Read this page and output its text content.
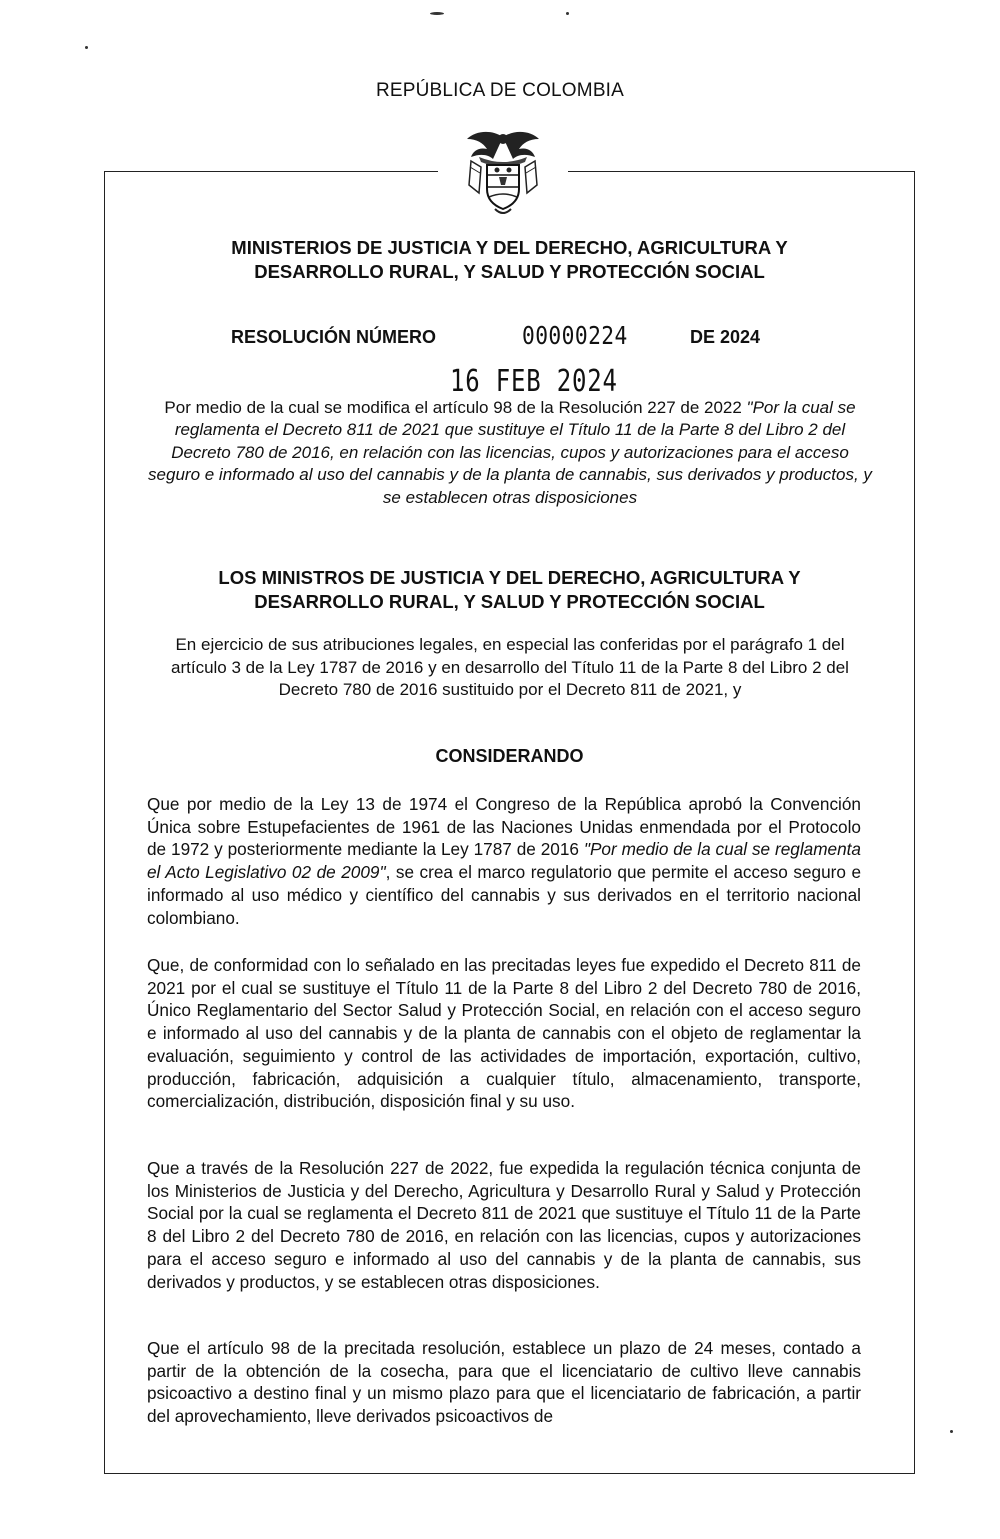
REPÚBLICA DE COLOMBIA
MINISTERIOS DE JUSTICIA Y DEL DERECHO, AGRICULTURA Y
DESARROLLO RURAL, Y SALUD Y PROTECCIÓN SOCIAL
RESOLUCIÓN NÚMERO	00000224	DE 2024
16 FEB 2024
Por medio de la cual se modifica el artículo 98 de la Resolución 227 de 2022 "Por la cual se reglamenta el Decreto 811 de 2021 que sustituye el Título 11 de la Parte 8 del Libro 2 del Decreto 780 de 2016, en relación con las licencias, cupos y autorizaciones para el acceso seguro e informado al uso del cannabis y de la planta de cannabis, sus derivados y productos, y se establecen otras disposiciones
LOS MINISTROS DE JUSTICIA Y DEL DERECHO, AGRICULTURA Y
DESARROLLO RURAL, Y SALUD Y PROTECCIÓN SOCIAL
En ejercicio de sus atribuciones legales, en especial las conferidas por el parágrafo 1 del artículo 3 de la Ley 1787 de 2016 y en desarrollo del Título 11 de la Parte 8 del Libro 2 del Decreto 780 de 2016 sustituido por el Decreto 811 de 2021, y
CONSIDERANDO
Que por medio de la Ley 13 de 1974 el Congreso de la República aprobó la Convención Única sobre Estupefacientes de 1961 de las Naciones Unidas enmendada por el Protocolo de 1972 y posteriormente mediante la Ley 1787 de 2016 "Por medio de la cual se reglamenta el Acto Legislativo 02 de 2009", se crea el marco regulatorio que permite el acceso seguro e informado al uso médico y científico del cannabis y sus derivados en el territorio nacional colombiano.
Que, de conformidad con lo señalado en las precitadas leyes fue expedido el Decreto 811 de 2021 por el cual se sustituye el Título 11 de la Parte 8 del Libro 2 del Decreto 780 de 2016, Único Reglamentario del Sector Salud y Protección Social, en relación con el acceso seguro e informado al uso del cannabis y de la planta de cannabis con el objeto de reglamentar la evaluación, seguimiento y control de las actividades de importación, exportación, cultivo, producción, fabricación, adquisición a cualquier título, almacenamiento, transporte, comercialización, distribución, disposición final y su uso.
Que a través de la Resolución 227 de 2022, fue expedida la regulación técnica conjunta de los Ministerios de Justicia y del Derecho, Agricultura y Desarrollo Rural y Salud y Protección Social por la cual se reglamenta el Decreto 811 de 2021 que sustituye el Título 11 de la Parte 8 del Libro 2 del Decreto 780 de 2016, en relación con las licencias, cupos y autorizaciones para el acceso seguro e informado al uso del cannabis y de la planta de cannabis, sus derivados y productos, y se establecen otras disposiciones.
Que el artículo 98 de la precitada resolución, establece un plazo de 24 meses, contado a partir de la obtención de la cosecha, para que el licenciatario de cultivo lleve cannabis psicoactivo a destino final y un mismo plazo para que el licenciatario de fabricación, a partir del aprovechamiento, lleve derivados psicoactivos de
